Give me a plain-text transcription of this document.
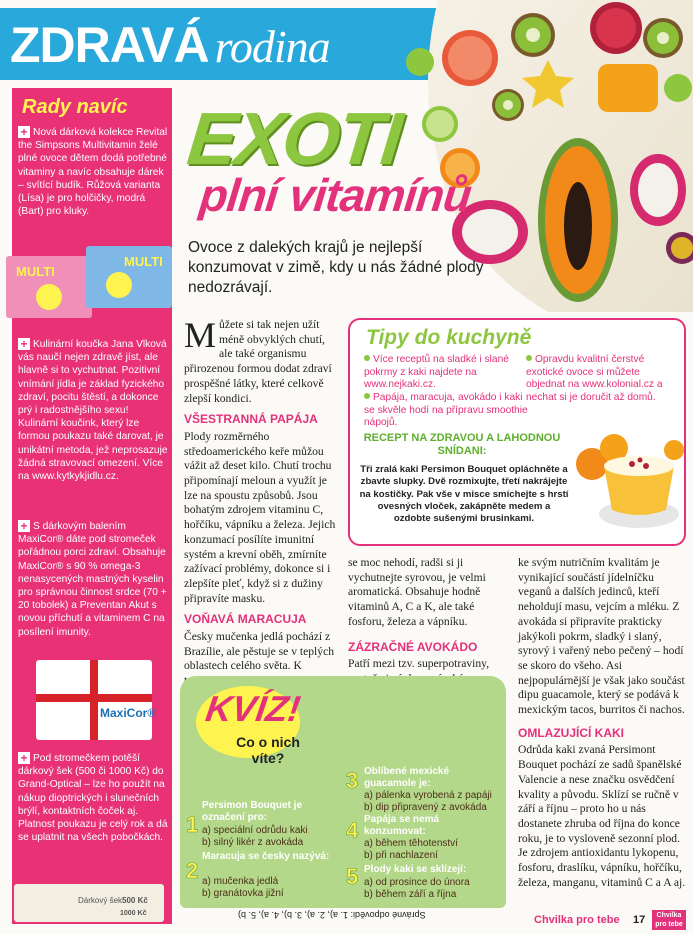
ZDRAVÁ rodina
EXOTI
plní vitamínů
Ovoce z dalekých krajů je nejlepší konzumovat v zimě, kdy u nás žádné plody nedozrávají.
Rady navíc
+ Nová dárková kolekce Revital the Simpsons Multivitamin želé plné ovoce dětem dodá potřebné vitaminy a navíc obsahuje dárek – svítící budík. Růžová varianta (Lísa) je pro holčičky, modrá (Bart) pro kluky.
MULTI
MULTI
+ Kulinární koučka Jana Vlková vás naučí nejen zdravě jíst, ale hlavně si to vychutnat. Pozitivní vnímání jídla je základ fyzického zdraví, pocitu štěstí, a dokonce prý i radostnějšího sexu! Kulinární koučink, který lze formou poukazu také darovat, je unikátní metoda, jež neprosazuje žádná stravovací omezení. Více na www.kytkykjidlu.cz.
+ S dárkovým balením MaxiCor® dáte pod stromeček pořádnou porci zdraví. Obsahuje MaxiCor® s 90 % omega-3 nenasycených mastných kyselin pro správnou činnost srdce (70 + 20 tobolek) a Preventan Akut s novou příchutí a vitaminem C na posílení imunity.
MaxiCor®
+ Pod stromečkem potěší dárkový šek (500 či 1000 Kč) do Grand-Optical – lze ho použít na nákup dioptrických i slunečních brýlí, kontaktních čoček aj. Platnost poukazu je celý rok a dá se uplatnit na všech pobočkách.
Dárkový šek 500 Kč
1000 Kč

Můžete si tak nejen užít méně obvyklých chutí, ale také organismu přirozenou formou dodat zdraví prospěšné látky, které celkově zlepší kondici.

VŠESTRANNÁ PAPÁJA

Plody rozměrného středoamerického keře můžou vážit až deset kilo. Chutí trochu připomínají meloun a využít je lze na spoustu způsobů. Jsou bohatým zdrojem vitaminu C, hořčíku, vápníku a železa. Jejich konzumací posílíte imunitní systém a krevní oběh, zmírníte zažívací problémy, dokonce si i zlepšíte pleť, když si z dužiny připravíte masku.

VOŇAVÁ MARACUJA

Česky mučenka jedlá pochází z Brazílie, ale pěstuje se v teplých oblastech celého světa. K

Tipy do kuchyně
Více receptů na sladké i slané pokrmy z kaki najdete na www.nejkaki.cz.
Papája, maracuja, avokádo i kaki se skvěle hodí na přípravu smoothie nápojů.
Opravdu kvalitní čerstvé exotické ovoce si můžete objednat na www.kolonial.cz a nechat si je doručit až domů.
RECEPT NA ZDRAVOU A LAHODNOU SNÍDANI:
Tři zralá kaki Persimon Bouquet opláchněte a zbavte slupky. Dvě rozmixujte, třetí nakrájejte na kostičky. Pak vše v misce smíchejte s hrstí ovesných vloček, zakápněte medem a ozdobte sušenými brusinkami.

se moc nehodí, radši si ji vychutnejte syrovou, je velmi aromatická. Obsahuje hodně vitaminů A, C a K, ale také fosforu, železa a vápníku.

ZÁZRAČNÉ AVOKÁDO

Patří mezi tzv. superpotraviny,

ke svým nutričním kvalitám je vynikající součástí jídelníčku veganů a dalších jedinců, kteří neholdují masu, vejcím a mléku. Z avokáda si připravíte prakticky jakýkoli pokrm, sladký i slaný, syrový i vařený nebo pečený – hodí se skoro do všeho. Asi nejpopulárnější je však jako součást dipu guacamole, který se podává k mexickým tacos, burritos či nachos.

OMLAZUJÍCÍ KAKI

Odrůda kaki zvaná Persimont Bouquet pochází ze sadů španělské Valencie a nese značku osvědčení kvality a původu. Sklízí se ručně v září a říjnu – proto ho u nás dostanete zhruba od října do konce roku, je to vysloveně sezonní plod. Je zdrojem antioxidantu lykopenu, fosforu, draslíku, vápníku, hořčíku, železa, manganu, vitaminů C a A aj.

KVÍZ!
Co o nich víte?
1
Persimon Bouquet je označení pro:
a) speciální odrůdu kaki
b) silný likér z avokáda
2
Maracuja se česky nazývá:
a) mučenka jedlá
b) granátovka jižní
3 Oblíbené mexické guacamole je:
a) pálenka vyrobená z papáji
b) dip připravený z avokáda
4 Papája se nemá konzumovat:
a) během těhotenství
b) při nachlazení
5 Plody kaki se sklízejí:
a) od prosince do února
b) během září a října
Správné odpovědi: 1. a), 2. a), 3. b), 4. a), 5. b)	Chvilka pro tebe 17	Chvilka pro tebe
